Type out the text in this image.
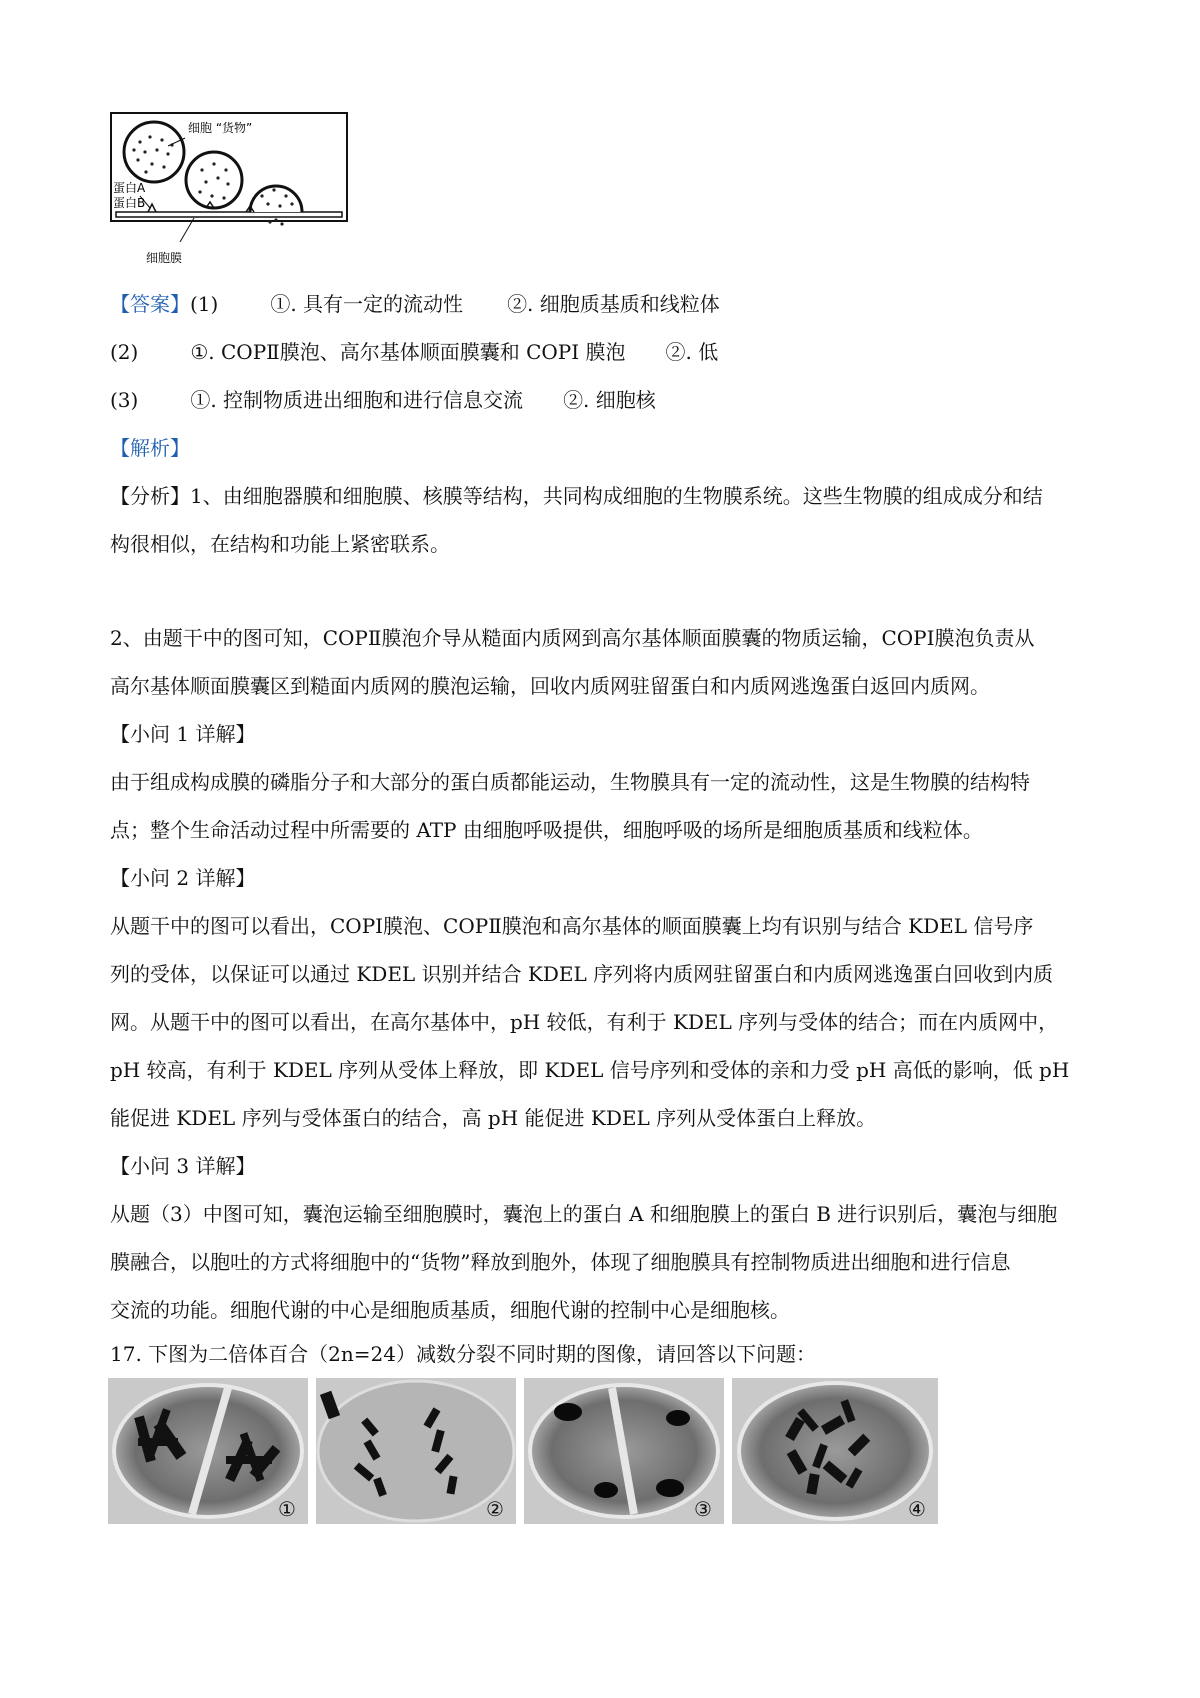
细胞 “货物”
蛋白A
蛋白B
细胞膜
【答案】(1)	①. 具有一定的流动性 ②. 细胞质基质和线粒体
(2)	①. COPⅡ膜泡、高尔基体顺面膜囊和 COPI 膜泡 ②. 低
(3)	①. 控制物质进出细胞和进行信息交流 ②. 细胞核
【解析】
【分析】1、由细胞器膜和细胞膜、核膜等结构，共同构成细胞的生物膜系统。这些生物膜的组成成分和结
构很相似，在结构和功能上紧密联系。
2、由题干中的图可知，COPⅡ膜泡介导从糙面内质网到高尔基体顺面膜囊的物质运输，COPⅠ膜泡负责从
高尔基体顺面膜囊区到糙面内质网的膜泡运输，回收内质网驻留蛋白和内质网逃逸蛋白返回内质网。
【小问 1 详解】
由于组成构成膜的磷脂分子和大部分的蛋白质都能运动，生物膜具有一定的流动性，这是生物膜的结构特
点；整个生命活动过程中所需要的 ATP 由细胞呼吸提供，细胞呼吸的场所是细胞质基质和线粒体。
【小问 2 详解】
从题干中的图可以看出，COPⅠ膜泡、COPⅡ膜泡和高尔基体的顺面膜囊上均有识别与结合 KDEL 信号序
列的受体，以保证可以通过 KDEL 识别并结合 KDEL 序列将内质网驻留蛋白和内质网逃逸蛋白回收到内质
网。从题干中的图可以看出，在高尔基体中，pH 较低，有利于 KDEL 序列与受体的结合；而在内质网中，
pH 较高，有利于 KDEL 序列从受体上释放，即 KDEL 信号序列和受体的亲和力受 pH 高低的影响，低 pH
能促进 KDEL 序列与受体蛋白的结合，高 pH 能促进 KDEL 序列从受体蛋白上释放。
【小问 3 详解】
从题（3）中图可知，囊泡运输至细胞膜时，囊泡上的蛋白 A 和细胞膜上的蛋白 B 进行识别后，囊泡与细胞
膜融合，以胞吐的方式将细胞中的“货物”释放到胞外，体现了细胞膜具有控制物质进出细胞和进行信息
交流的功能。细胞代谢的中心是细胞质基质，细胞代谢的控制中心是细胞核。
17. 下图为二倍体百合（2n=24）减数分裂不同时期的图像，请回答以下问题：
①	②	③	④
